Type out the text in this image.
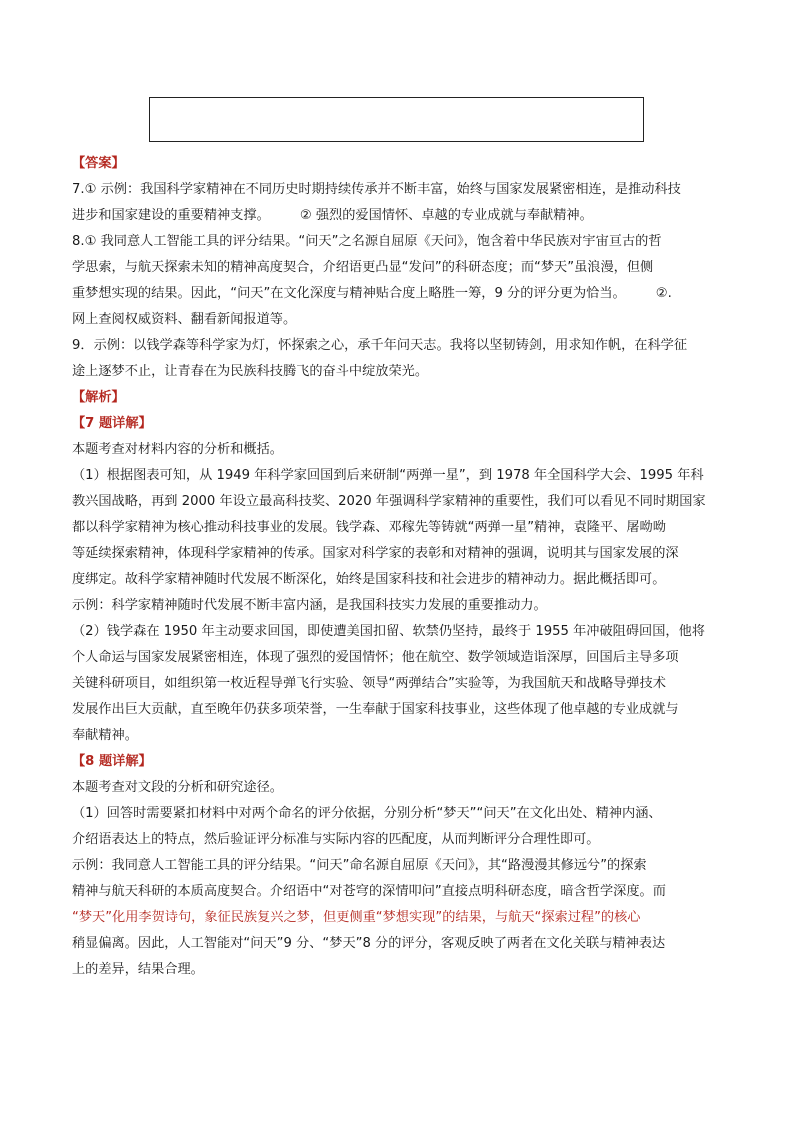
【答案】
7.① 示例：我国科学家精神在不同历史时期持续传承并不断丰富，始终与国家发展紧密相连，是推动科技
进步和国家建设的重要精神支撑。 ② 强烈的爱国情怀、卓越的专业成就与奉献精神。
8.① 我同意人工智能工具的评分结果。“问天”之名源自屈原《天问》，饱含着中华民族对宇宙亘古的哲
学思索，与航天探索未知的精神高度契合，介绍语更凸显“发问”的科研态度；而“梦天”虽浪漫，但侧
重梦想实现的结果。因此，“问天”在文化深度与精神贴合度上略胜一筹，9 分的评分更为恰当。 ②.
网上查阅权威资料、翻看新闻报道等。
9．示例：以钱学森等科学家为灯，怀探索之心，承千年问天志。我将以坚韧铸剑，用求知作帆，在科学征
途上逐梦不止，让青春在为民族科技腾飞的奋斗中绽放荣光。
【解析】
【7 题详解】
本题考查对材料内容的分析和概括。
（1）根据图表可知，从 1949 年科学家回国到后来研制“两弹一星”，到 1978 年全国科学大会、1995 年科
教兴国战略，再到 2000 年设立最高科技奖、2020 年强调科学家精神的重要性，我们可以看见不同时期国家
都以科学家精神为核心推动科技事业的发展。钱学森、邓稼先等铸就“两弹一星”精神，袁隆平、屠呦呦
等延续探索精神，体现科学家精神的传承。国家对科学家的表彰和对精神的强调，说明其与国家发展的深
度绑定。故科学家精神随时代发展不断深化，始终是国家科技和社会进步的精神动力。据此概括即可。
示例：科学家精神随时代发展不断丰富内涵，是我国科技实力发展的重要推动力。
（2）钱学森在 1950 年主动要求回国，即使遭美国扣留、软禁仍坚持，最终于 1955 年冲破阻碍回国，他将
个人命运与国家发展紧密相连，体现了强烈的爱国情怀；他在航空、数学领域造诣深厚，回国后主导多项
关键科研项目，如组织第一枚近程导弹飞行实验、领导“两弹结合”实验等，为我国航天和战略导弹技术
发展作出巨大贡献，直至晚年仍获多项荣誉，一生奉献于国家科技事业，这些体现了他卓越的专业成就与
奉献精神。
【8 题详解】
本题考查对文段的分析和研究途径。
（1）回答时需要紧扣材料中对两个命名的评分依据，分别分析“梦天”“问天”在文化出处、精神内涵、
介绍语表达上的特点，然后验证评分标准与实际内容的匹配度，从而判断评分合理性即可。
示例：我同意人工智能工具的评分结果。“问天”命名源自屈原《天问》，其“路漫漫其修远兮”的探索
精神与航天科研的本质高度契合。介绍语中“对苍穹的深情叩问”直接点明科研态度，暗含哲学深度。而
“梦天”化用李贺诗句，象征民族复兴之梦，但更侧重“梦想实现”的结果，与航天“探索过程”的核心
稍显偏离。因此，人工智能对“问天”9 分、“梦天”8 分的评分，客观反映了两者在文化关联与精神表达
上的差异，结果合理。
